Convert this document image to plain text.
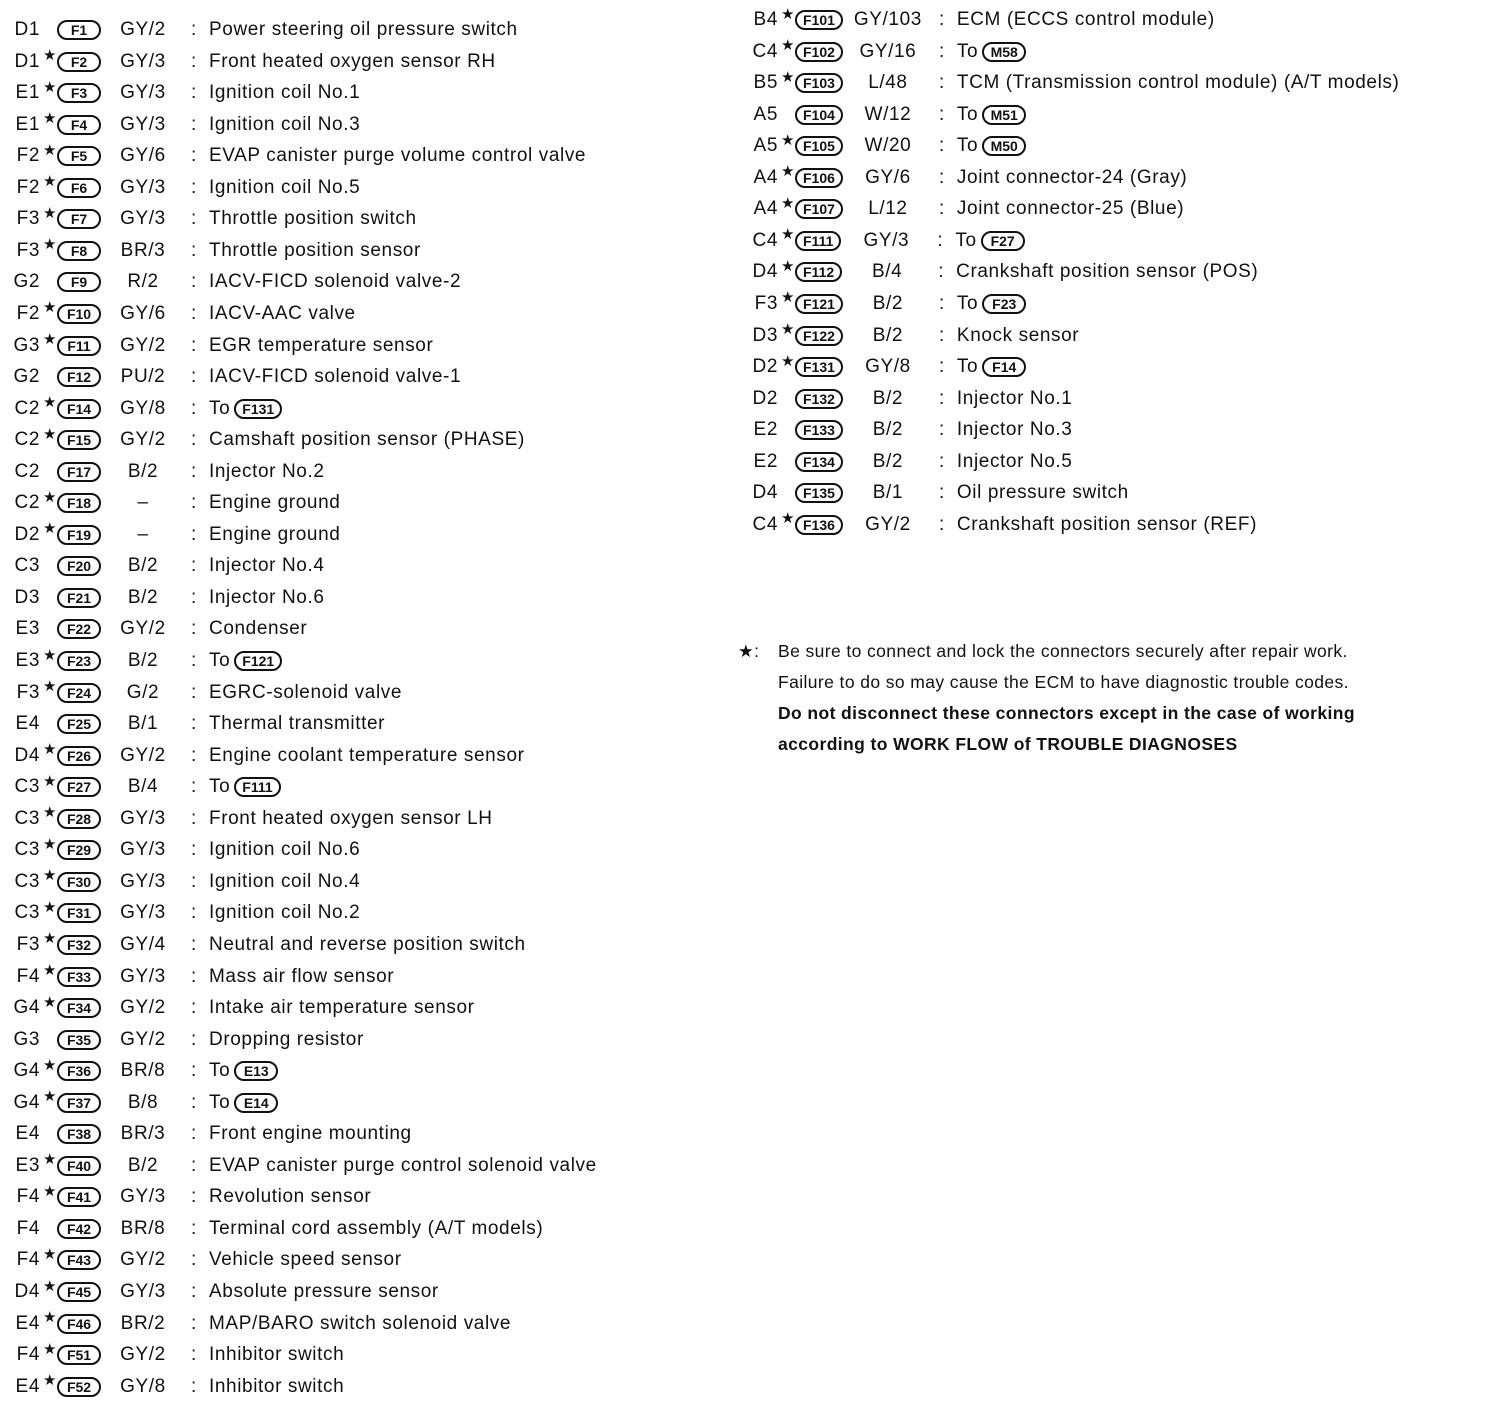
D1	F1	GY/2	: Power steering oil pressure switch
D1 ★ F2	GY/3	: Front heated oxygen sensor RH
E1 ★ F3	GY/3	: Ignition coil No.1
E1 ★ F4	GY/3	: Ignition coil No.3
F2 ★ F5	GY/6	: EVAP canister purge volume control valve
F2 ★ F6	GY/3	: Ignition coil No.5
F3 ★ F7	GY/3	: Throttle position switch
F3 ★ F8	BR/3	: Throttle position sensor
G2	F9	R/2	: IACV-FICD solenoid valve-2
F2 ★ F10	GY/6	: IACV-AAC valve
G3 ★ F11	GY/2	: EGR temperature sensor
G2	F12	PU/2	: IACV-FICD solenoid valve-1
C2 ★ F14	GY/8	: To F131
C2 ★ F15	GY/2	: Camshaft position sensor (PHASE)
C2	F17	B/2	: Injector No.2
C2 ★ F18	–	: Engine ground
D2 ★ F19	–	: Engine ground
C3	F20	B/2	: Injector No.4
D3	F21	B/2	: Injector No.6
E3	F22	GY/2	: Condenser
E3 ★ F23	B/2	: To F121
F3 ★ F24	G/2	: EGRC-solenoid valve
E4	F25	B/1	: Thermal transmitter
D4 ★ F26	GY/2	: Engine coolant temperature sensor
C3 ★ F27	B/4	: To F111
C3 ★ F28	GY/3	: Front heated oxygen sensor LH
C3 ★ F29	GY/3	: Ignition coil No.6
C3 ★ F30	GY/3	: Ignition coil No.4
C3 ★ F31	GY/3	: Ignition coil No.2
F3 ★ F32	GY/4	: Neutral and reverse position switch
F4 ★ F33	GY/3	: Mass air flow sensor
G4 ★ F34	GY/2	: Intake air temperature sensor
G3	F35	GY/2	: Dropping resistor
G4 ★ F36	BR/8	: To E13
G4 ★ F37	B/8	: To E14
E4	F38	BR/3	: Front engine mounting
E3 ★ F40	B/2	: EVAP canister purge control solenoid valve
F4 ★ F41	GY/3	: Revolution sensor
F4	F42	BR/8	: Terminal cord assembly (A/T models)
F4 ★ F43	GY/2	: Vehicle speed sensor
D4 ★ F45	GY/3	: Absolute pressure sensor
E4 ★ F46	BR/2	: MAP/BARO switch solenoid valve
F4 ★ F51	GY/2	: Inhibitor switch
E4 ★ F52	GY/8	: Inhibitor switch
B4 ★ F101 GY/103 : ECM (ECCS control module)
C4 ★ F102	GY/16	: To M58
B5 ★ F103	L/48	: TCM (Transmission control module) (A/T models)
A5	F104	W/12	: To M51
A5 ★ F105	W/20	: To M50
A4 ★ F106	GY/6	: Joint connector-24 (Gray)
A4 ★ F107	L/12	: Joint connector-25 (Blue)
C4 ★ F111	GY/3	: To F27
D4 ★ F112	B/4	: Crankshaft position sensor (POS)
F3 ★ F121	B/2	: To F23
D3 ★ F122	B/2	: Knock sensor
D2 ★ F131	GY/8	: To F14
D2	F132	B/2	: Injector No.1
E2	F133	B/2	: Injector No.3
E2	F134	B/2	: Injector No.5
D4	F135	B/1	: Oil pressure switch
C4 ★ F136	GY/2	: Crankshaft position sensor (REF)
★: Be sure to connect and lock the connectors securely after repair work.
Failure to do so may cause the ECM to have diagnostic trouble codes.
Do not disconnect these connectors except in the case of working
according to WORK FLOW of TROUBLE DIAGNOSES
